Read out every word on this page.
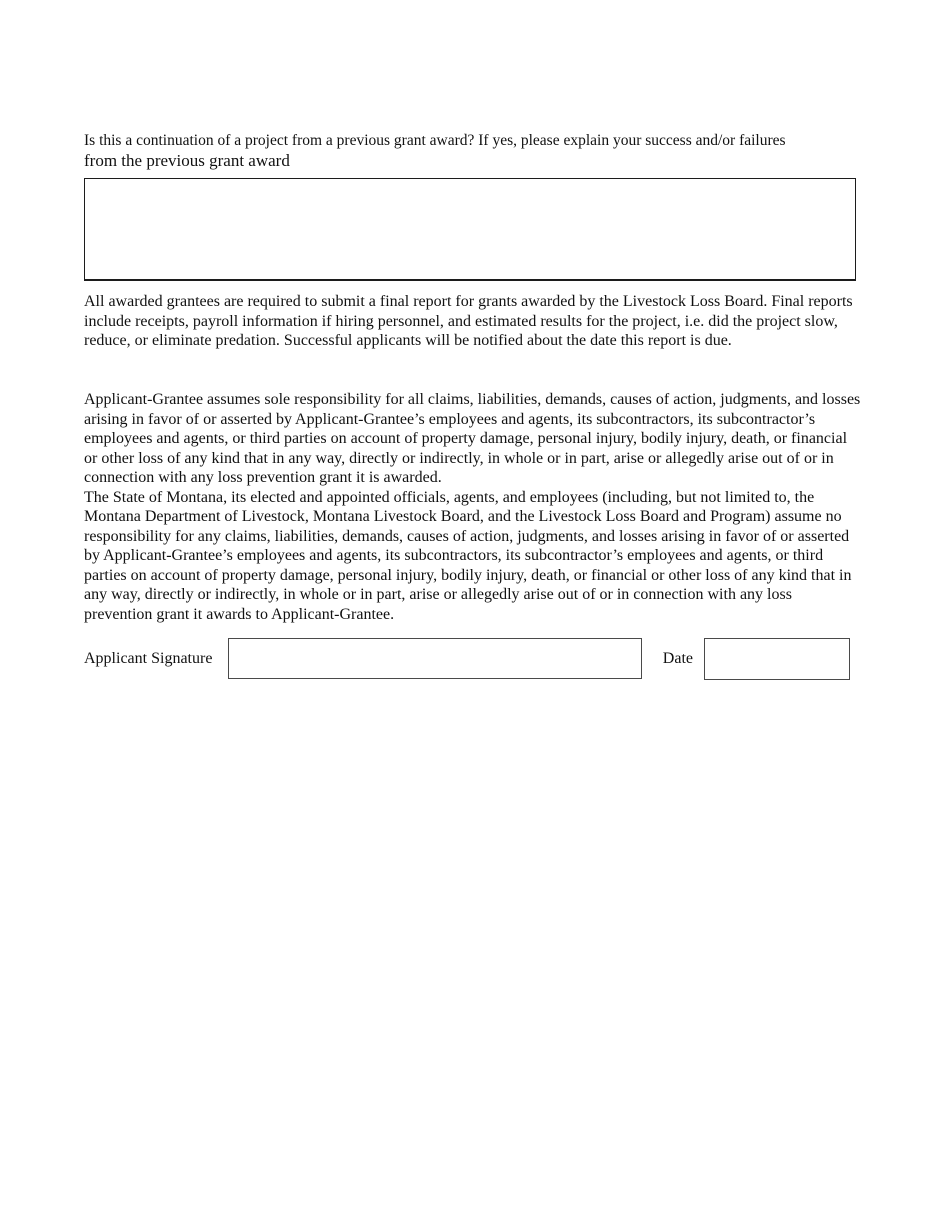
Is this a continuation of a project from a previous grant award? If yes, please explain your success and/or failures
from the previous grant award
All awarded grantees are required to submit a final report for grants awarded by the Livestock Loss Board. Final reports include receipts, payroll information if hiring personnel, and estimated results for the project, i.e. did the project slow, reduce, or eliminate predation. Successful applicants will be notified about the date this report is due.
Applicant-Grantee assumes sole responsibility for all claims, liabilities, demands, causes of action, judgments, and losses arising in favor of or asserted by Applicant-Grantee’s employees and agents, its subcontractors, its subcontractor’s employees and agents, or third parties on account of property damage, personal injury, bodily injury, death, or financial or other loss of any kind that in any way, directly or indirectly, in whole or in part, arise or allegedly arise out of or in connection with any loss prevention grant it is awarded.
The State of Montana, its elected and appointed officials, agents, and employees (including, but not limited to, the Montana Department of Livestock, Montana Livestock Board, and the Livestock Loss Board and Program) assume no responsibility for any claims, liabilities, demands, causes of action, judgments, and losses arising in favor of or asserted by Applicant-Grantee’s employees and agents, its subcontractors, its subcontractor’s employees and agents, or third parties on account of property damage, personal injury, bodily injury, death, or financial or other loss of any kind that in any way, directly or indirectly, in whole or in part, arise or allegedly arise out of or in connection with any loss prevention grant it awards to Applicant-Grantee.
Applicant Signature	Date
